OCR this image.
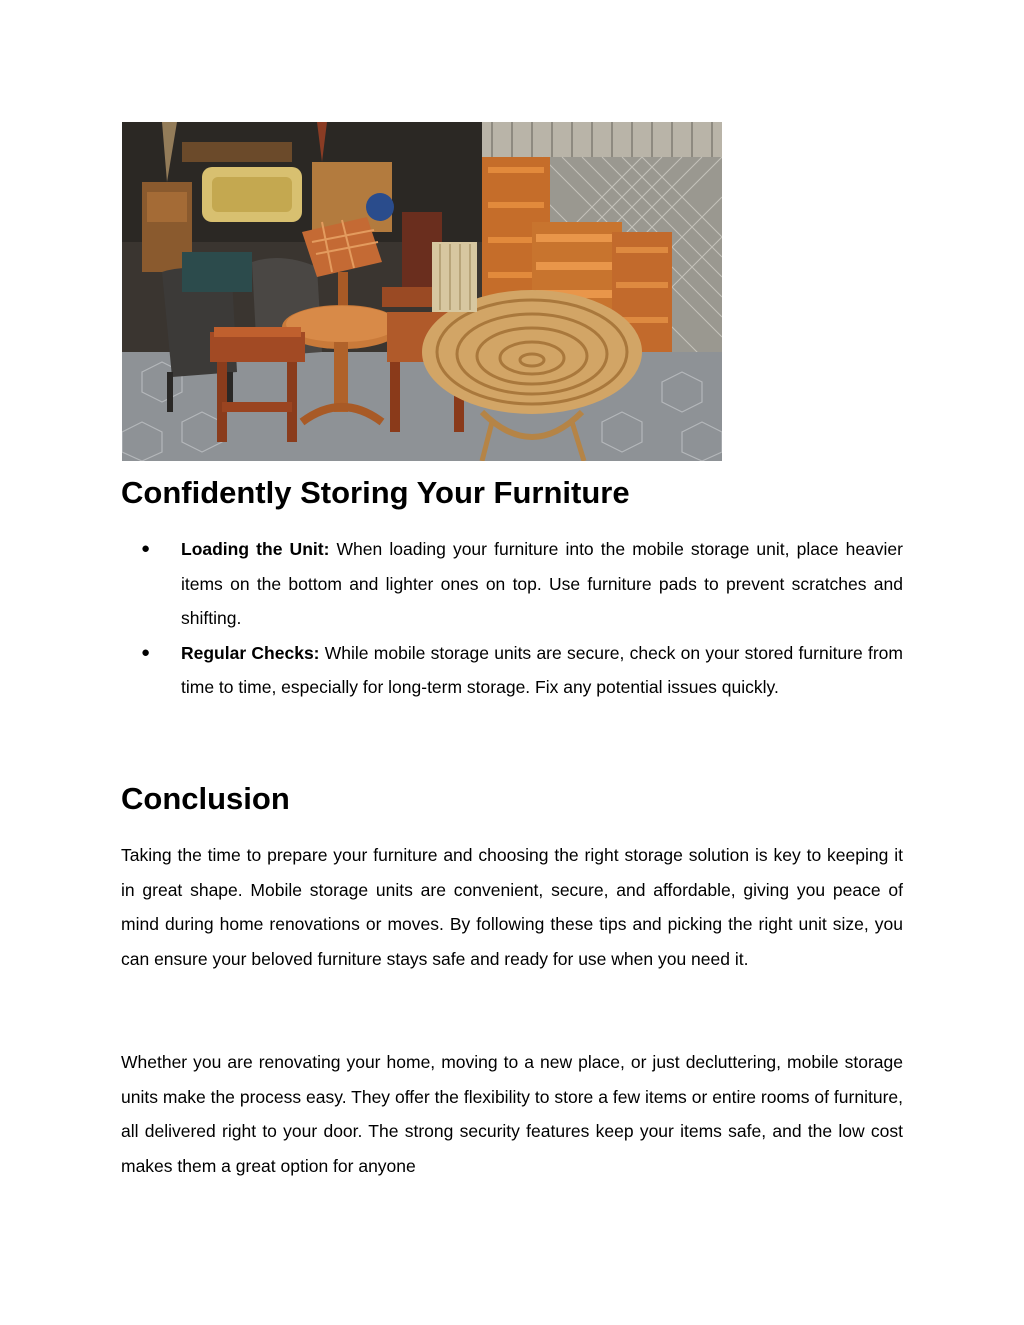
Confidently Storing Your Furniture
● Loading the Unit: When loading your furniture into the mobile storage unit, place heavier items on the bottom and lighter ones on top. Use furniture pads to prevent scratches and shifting.
● Regular Checks: While mobile storage units are secure, check on your stored furniture from time to time, especially for long-term storage. Fix any potential issues quickly.
Conclusion

Taking the time to prepare your furniture and choosing the right storage solution is key to keeping it in great shape. Mobile storage units are convenient, secure, and affordable, giving you peace of mind during home renovations or moves. By following these tips and picking the right unit size, you can ensure your beloved furniture stays safe and ready for use when you need it.

Whether you are renovating your home, moving to a new place, or just decluttering, mobile storage units make the process easy. They offer the flexibility to store a few items or entire rooms of furniture, all delivered right to your door. The strong security features keep your items safe, and the low cost makes them a great option for anyone
